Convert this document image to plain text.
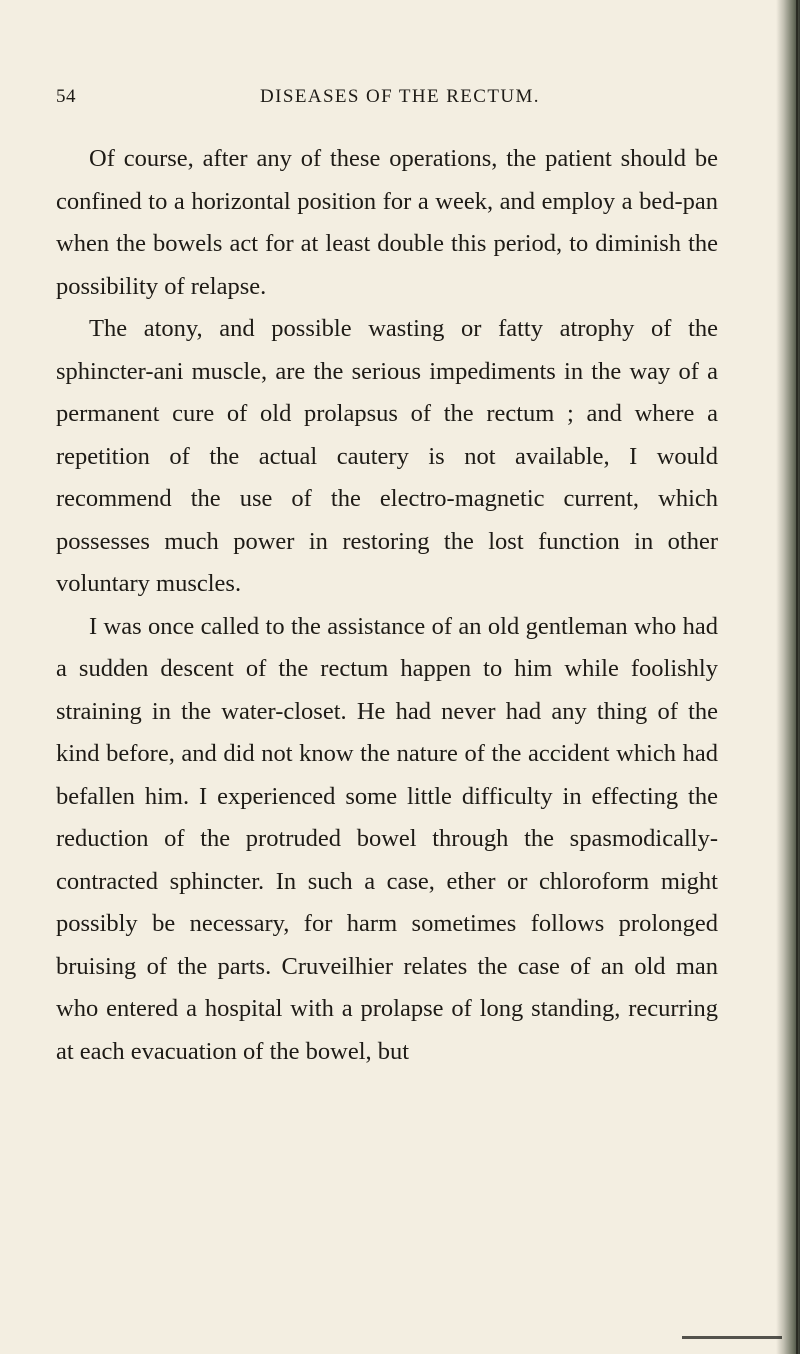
54	DISEASES OF THE RECTUM.

Of course, after any of these operations, the patient should be confined to a horizontal position for a week, and employ a bed-pan when the bowels act for at least double this period, to diminish the possibility of relapse.

The atony, and possible wasting or fatty atrophy of the sphincter-ani muscle, are the serious impediments in the way of a permanent cure of old prolapsus of the rectum ; and where a repetition of the actual cautery is not available, I would recommend the use of the electro-magnetic current, which possesses much power in restoring the lost function in other voluntary muscles.

I was once called to the assistance of an old gentleman who had a sudden descent of the rectum happen to him while foolishly straining in the water-closet. He had never had any thing of the kind before, and did not know the nature of the accident which had befallen him. I experienced some little difficulty in effecting the reduction of the protruded bowel through the spasmodically-contracted sphincter. In such a case, ether or chloroform might possibly be necessary, for harm sometimes follows prolonged bruising of the parts. Cruveilhier relates the case of an old man who entered a hospital with a prolapse of long standing, recurring at each evacuation of the bowel, but
